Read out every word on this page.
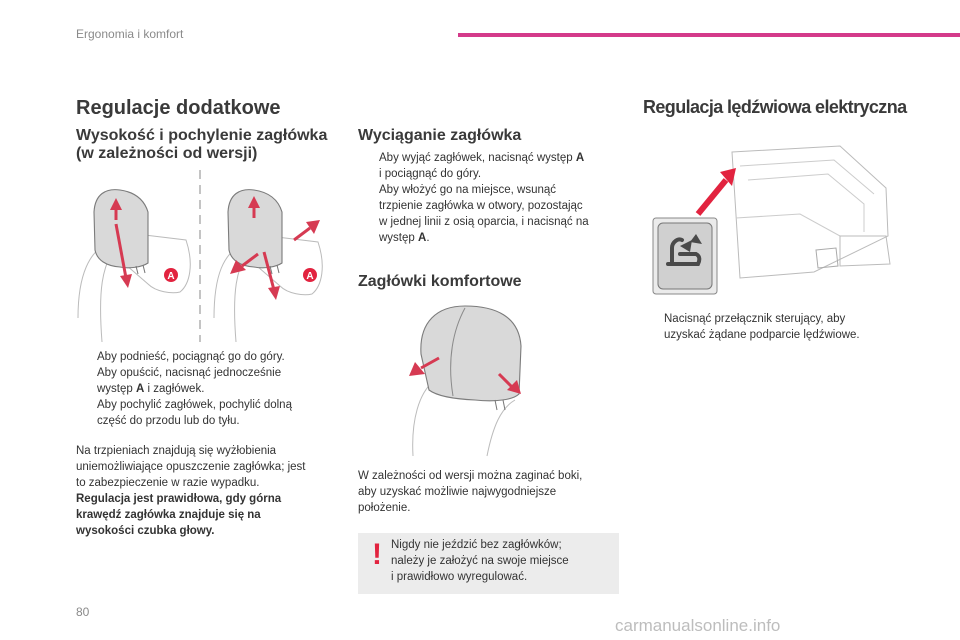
Ergonomia i komfort
Regulacje dodatkowe
Wysokość i pochylenie zagłówka
(w zależności od wersji)
A	A
Aby podnieść, pociągnąć go do góry.
Aby opuścić, nacisnąć jednocześnie
występ A i zagłówek.
Aby pochylić zagłówek, pochylić dolną
część do przodu lub do tyłu.
Na trzpieniach znajdują się wyżłobienia
uniemożliwiające opuszczenie zagłówka; jest
to zabezpieczenie w razie wypadku.
Regulacja jest prawidłowa, gdy górna
krawędź zagłówka znajduje się na
wysokości czubka głowy.
Wyciąganie zagłówka
Aby wyjąć zagłówek, nacisnąć występ A
i pociągnąć do góry.
Aby włożyć go na miejsce, wsunąć
trzpienie zagłówka w otwory, pozostając
w jednej linii z osią oparcia, i nacisnąć na
występ A.
Zagłówki komfortowe
W zależności od wersji można zaginać boki,
aby uzyskać możliwie najwygodniejsze
położenie.
! Nigdy nie jeździć bez zagłówków;
należy je założyć na swoje miejsce
i prawidłowo wyregulować.
Regulacja lędźwiowa elektryczna
Nacisnąć przełącznik sterujący, aby
uzyskać żądane podparcie lędźwiowe.
80
carmanualsonline.info
